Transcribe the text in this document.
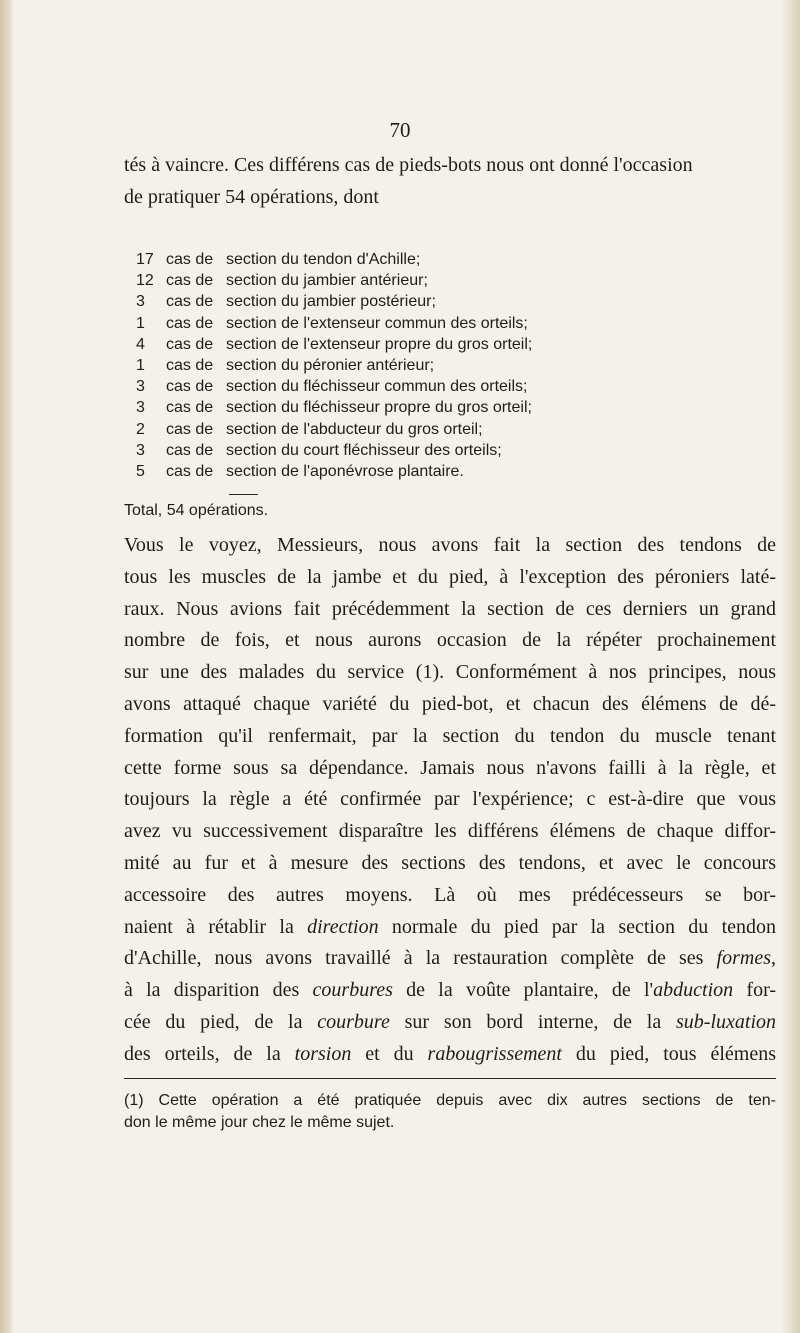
70
tés à vaincre. Ces différens cas de pieds-bots nous ont donné l'occasion
de pratiquer 54 opérations, dont
17 cas de section du tendon d'Achille;
12 cas de section du jambier antérieur;
3 cas de section du jambier postérieur;
1 cas de section de l'extenseur commun des orteils;
4 cas de section de l'extenseur propre du gros orteil;
1 cas de section du péronier antérieur;
3 cas de section du fléchisseur commun des orteils;
3 cas de section du fléchisseur propre du gros orteil;
2 cas de section de l'abducteur du gros orteil;
3 cas de section du court fléchisseur des orteils;
5 cas de section de l'aponévrose plantaire.
Total, 54 opérations.
Vous le voyez, Messieurs, nous avons fait la section des tendons de
tous les muscles de la jambe et du pied, à l'exception des péroniers laté-
raux. Nous avions fait précédemment la section de ces derniers un grand
nombre de fois, et nous aurons occasion de la répéter prochainement
sur une des malades du service (1). Conformément à nos principes, nous
avons attaqué chaque variété du pied-bot, et chacun des élémens de dé-
formation qu'il renfermait, par la section du tendon du muscle tenant
cette forme sous sa dépendance. Jamais nous n'avons failli à la règle, et
toujours la règle a été confirmée par l'expérience; c est-à-dire que vous
avez vu successivement disparaître les différens élémens de chaque diffor-
mité au fur et à mesure des sections des tendons, et avec le concours
accessoire des autres moyens. Là où mes prédécesseurs se bor-
naient à rétablir la direction normale du pied par la section du tendon
d'Achille, nous avons travaillé à la restauration complète de ses formes,
à la disparition des courbures de la voûte plantaire, de l'abduction for-
cée du pied, de la courbure sur son bord interne, de la sub-luxation
des orteils, de la torsion et du rabougrissement du pied, tous élémens
(1) Cette opération a été pratiquée depuis avec dix autres sections de ten-
don le même jour chez le même sujet.
